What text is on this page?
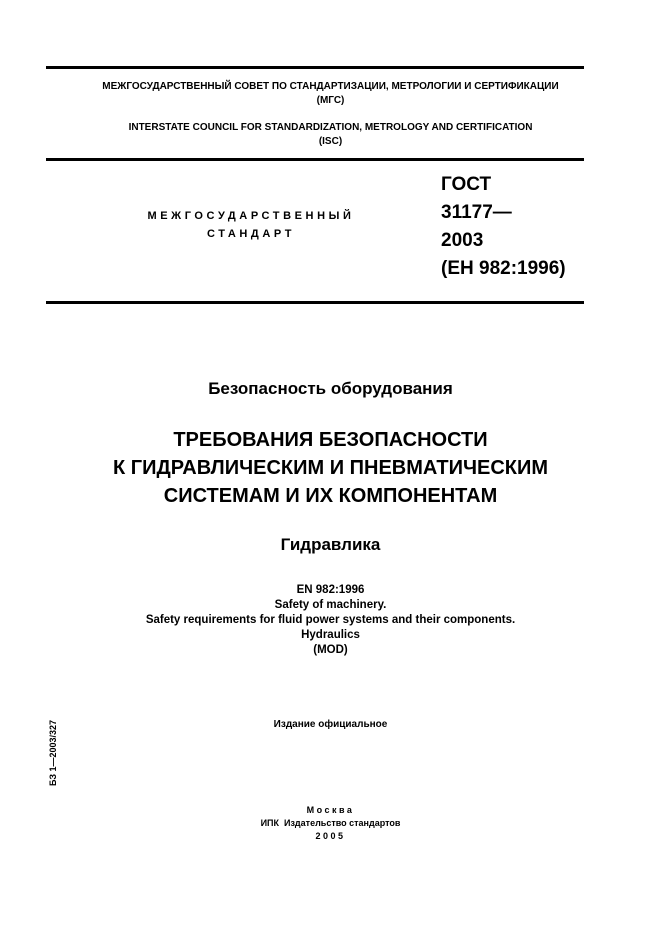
МЕЖГОСУДАРСТВЕННЫЙ СОВЕТ ПО СТАНДАРТИЗАЦИИ, МЕТРОЛОГИИ И СЕРТИФИКАЦИИ
(МГС)
INTERSTATE COUNCIL FOR STANDARDIZATION, METROLOGY AND CERTIFICATION
(ISC)
МЕЖГОСУДАРСТВЕННЫЙ
СТАНДАРТ
ГОСТ
31177—
2003
(ЕН 982:1996)
Безопасность оборудования
ТРЕБОВАНИЯ БЕЗОПАСНОСТИ
К ГИДРАВЛИЧЕСКИМ И ПНЕВМАТИЧЕСКИМ
СИСТЕМАМ И ИХ КОМПОНЕНТАМ
Гидравлика
EN 982:1996
Safety of machinery.
Safety requirements for fluid power systems and their components.
Hydraulics
(MOD)
Издание официальное
БЗ 1—2003/327
Москва
ИПК  Издательство стандартов
2005
